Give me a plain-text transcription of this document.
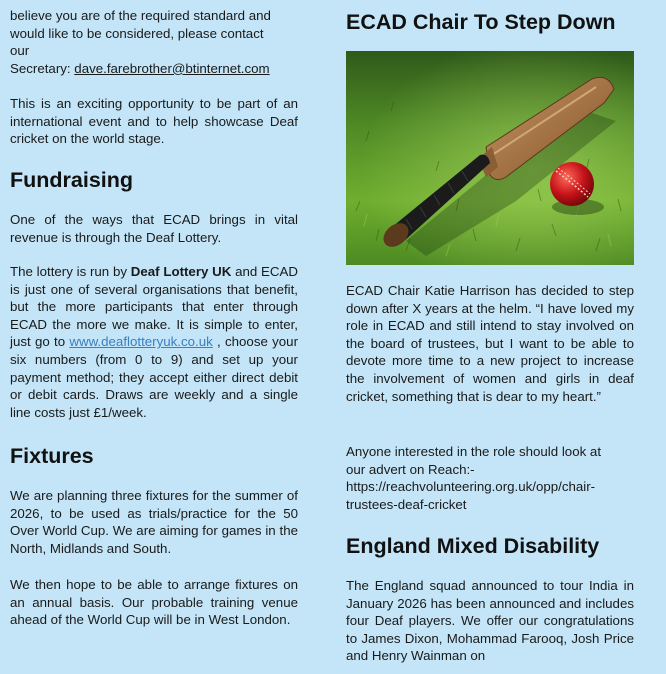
believe you are of the required standard and
would like to be considered, please contact
our
Secretary: dave.farebrother@btinternet.com

This is an exciting opportunity to be part of an international event and to help showcase Deaf cricket on the world stage.

Fundraising

One of the ways that ECAD brings in vital revenue is through the Deaf Lottery.

The lottery is run by Deaf Lottery UK and ECAD is just one of several organisations that benefit, but the more participants that enter through ECAD the more we make. It is simple to enter, just go to www.deaflotteryuk.co.uk , choose your six numbers (from 0 to 9) and set up your payment method; they accept either direct debit or debit cards. Draws are weekly and a single line costs just £1/week.

Fixtures

We are planning three fixtures for the summer of 2026, to be used as trials/practice for the 50 Over World Cup. We are aiming for games in the North, Midlands and South.

We then hope to be able to arrange fixtures on an annual basis. Our probable training venue ahead of the World Cup will be in West London.

ECAD Chair To Step Down

ECAD Chair Katie Harrison has decided to step down after X years at the helm. “I have loved my role in ECAD and still intend to stay involved on the board of trustees, but I want to be able to devote more time to a new project to increase the involvement of women and girls in deaf cricket, something that is dear to my heart.”

Anyone interested in the role should look at
our advert on Reach:-
https://reachvolunteering.org.uk/opp/chair-
trustees-deaf-cricket

England Mixed Disability

The England squad announced to tour India in January 2026 has been announced and includes four Deaf players. We offer our congratulations to James Dixon, Mohammad Farooq, Josh Price and Henry Wainman on
